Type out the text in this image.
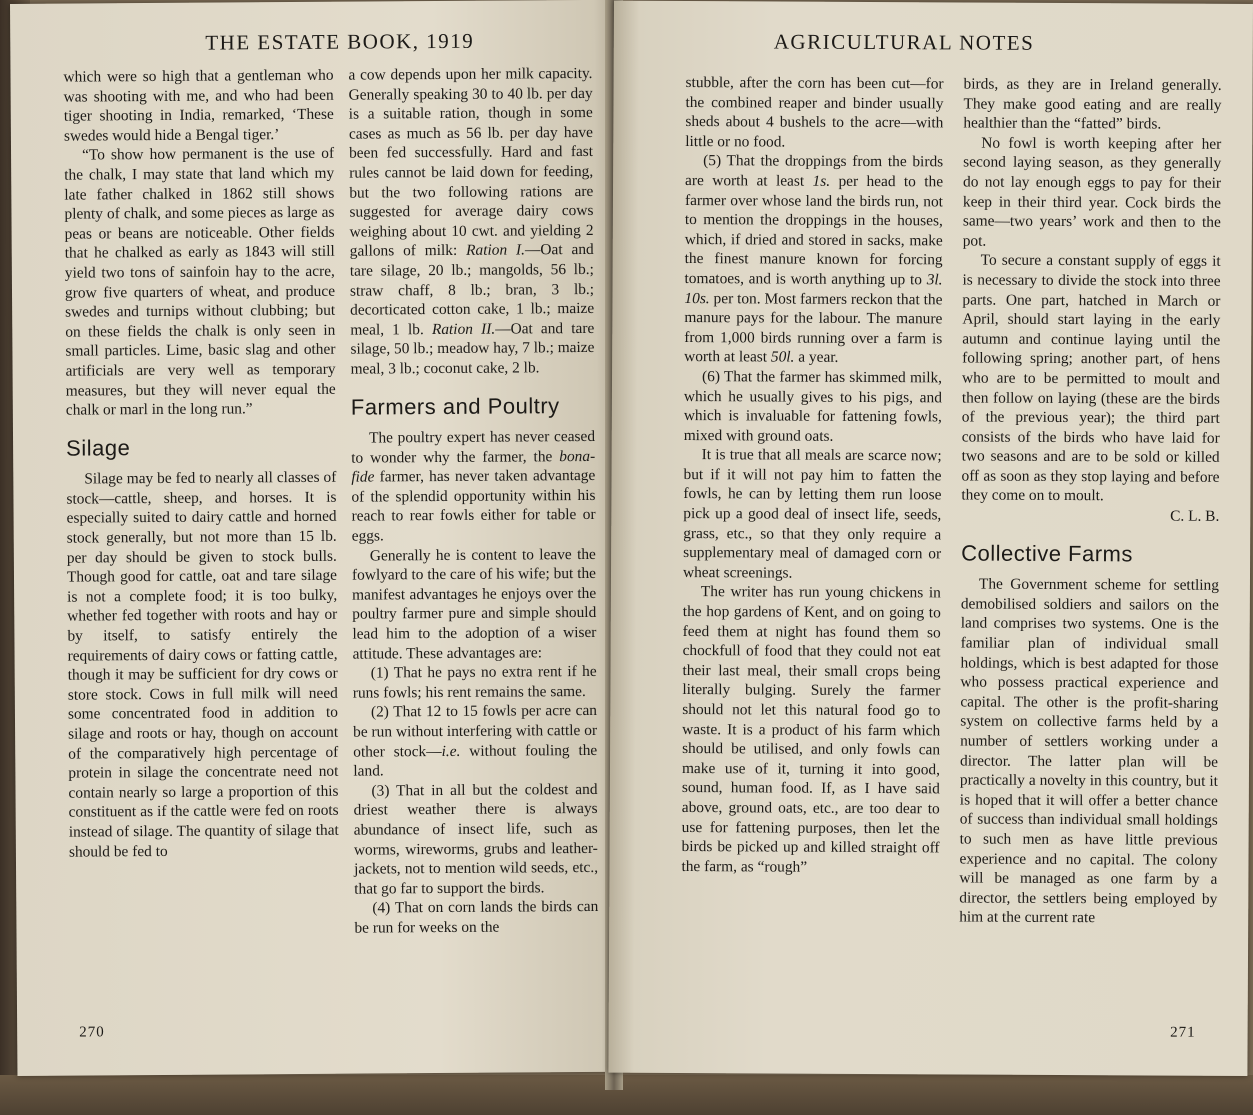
THE ESTATE BOOK, 1919

which were so high that a gentleman who was shooting with me, and who had been tiger shooting in India, remarked, ‘These swedes would hide a Bengal tiger.’

“To show how permanent is the use of the chalk, I may state that land which my late father chalked in 1862 still shows plenty of chalk, and some pieces as large as peas or beans are noticeable. Other fields that he chalked as early as 1843 will still yield two tons of sainfoin hay to the acre, grow five quarters of wheat, and produce swedes and turnips without clubbing; but on these fields the chalk is only seen in small particles. Lime, basic slag and other artificials are very well as temporary measures, but they will never equal the chalk or marl in the long run.”

Silage

Silage may be fed to nearly all classes of stock—cattle, sheep, and horses. It is especially suited to dairy cattle and horned stock generally, but not more than 15 lb. per day should be given to stock bulls. Though good for cattle, oat and tare silage is not a complete food; it is too bulky, whether fed together with roots and hay or by itself, to satisfy entirely the requirements of dairy cows or fatting cattle, though it may be sufficient for dry cows or store stock. Cows in full milk will need some concentrated food in addition to silage and roots or hay, though on account of the comparatively high percentage of protein in silage the concentrate need not contain nearly so large a proportion of this constituent as if the cattle were fed on roots instead of silage. The quantity of silage that should be fed to

a cow depends upon her milk capacity. Generally speaking 30 to 40 lb. per day is a suitable ration, though in some cases as much as 56 lb. per day have been fed successfully. Hard and fast rules cannot be laid down for feeding, but the two following rations are suggested for average dairy cows weighing about 10 cwt. and yielding 2 gallons of milk: Ration I.—Oat and tare silage, 20 lb.; mangolds, 56 lb.; straw chaff, 8 lb.; bran, 3 lb.; decorticated cotton cake, 1 lb.; maize meal, 1 lb. Ration II.—Oat and tare silage, 50 lb.; meadow hay, 7 lb.; maize meal, 3 lb.; coconut cake, 2 lb.

Farmers and Poultry

The poultry expert has never ceased to wonder why the farmer, the bona-fide farmer, has never taken advantage of the splendid opportunity within his reach to rear fowls either for table or eggs.

Generally he is content to leave the fowlyard to the care of his wife; but the manifest advantages he enjoys over the poultry farmer pure and simple should lead him to the adoption of a wiser attitude. These advantages are:

(1) That he pays no extra rent if he runs fowls; his rent remains the same.

(2) That 12 to 15 fowls per acre can be run without interfering with cattle or other stock—i.e. without fouling the land.

(3) That in all but the coldest and driest weather there is always abundance of insect life, such as worms, wireworms, grubs and leather-jackets, not to mention wild seeds, etc., that go far to support the birds.

(4) That on corn lands the birds can be run for weeks on the

270
AGRICULTURAL NOTES

stubble, after the corn has been cut—for the combined reaper and binder usually sheds about 4 bushels to the acre—with little or no food.

(5) That the droppings from the birds are worth at least 1s. per head to the farmer over whose land the birds run, not to mention the droppings in the houses, which, if dried and stored in sacks, make the finest manure known for forcing tomatoes, and is worth anything up to 3l. 10s. per ton. Most farmers reckon that the manure pays for the labour. The manure from 1,000 birds running over a farm is worth at least 50l. a year.

(6) That the farmer has skimmed milk, which he usually gives to his pigs, and which is invaluable for fattening fowls, mixed with ground oats.

It is true that all meals are scarce now; but if it will not pay him to fatten the fowls, he can by letting them run loose pick up a good deal of insect life, seeds, grass, etc., so that they only require a supplementary meal of damaged corn or wheat screenings.

The writer has run young chickens in the hop gardens of Kent, and on going to feed them at night has found them so chockfull of food that they could not eat their last meal, their small crops being literally bulging. Surely the farmer should not let this natural food go to waste. It is a product of his farm which should be utilised, and only fowls can make use of it, turning it into good, sound, human food. If, as I have said above, ground oats, etc., are too dear to use for fattening purposes, then let the birds be picked up and killed straight off the farm, as “rough”

birds, as they are in Ireland generally. They make good eating and are really healthier than the “fatted” birds.

No fowl is worth keeping after her second laying season, as they generally do not lay enough eggs to pay for their keep in their third year. Cock birds the same—two years’ work and then to the pot.

To secure a constant supply of eggs it is necessary to divide the stock into three parts. One part, hatched in March or April, should start laying in the early autumn and continue laying until the following spring; another part, of hens who are to be permitted to moult and then follow on laying (these are the birds of the previous year); the third part consists of the birds who have laid for two seasons and are to be sold or killed off as soon as they stop laying and before they come on to moult.

C. L. B.
Collective Farms

The Government scheme for settling demobilised soldiers and sailors on the land comprises two systems. One is the familiar plan of individual small holdings, which is best adapted for those who possess practical experience and capital. The other is the profit-sharing system on collective farms held by a number of settlers working under a director. The latter plan will be practically a novelty in this country, but it is hoped that it will offer a better chance of success than individual small holdings to such men as have little previous experience and no capital. The colony will be managed as one farm by a director, the settlers being employed by him at the current rate

271
